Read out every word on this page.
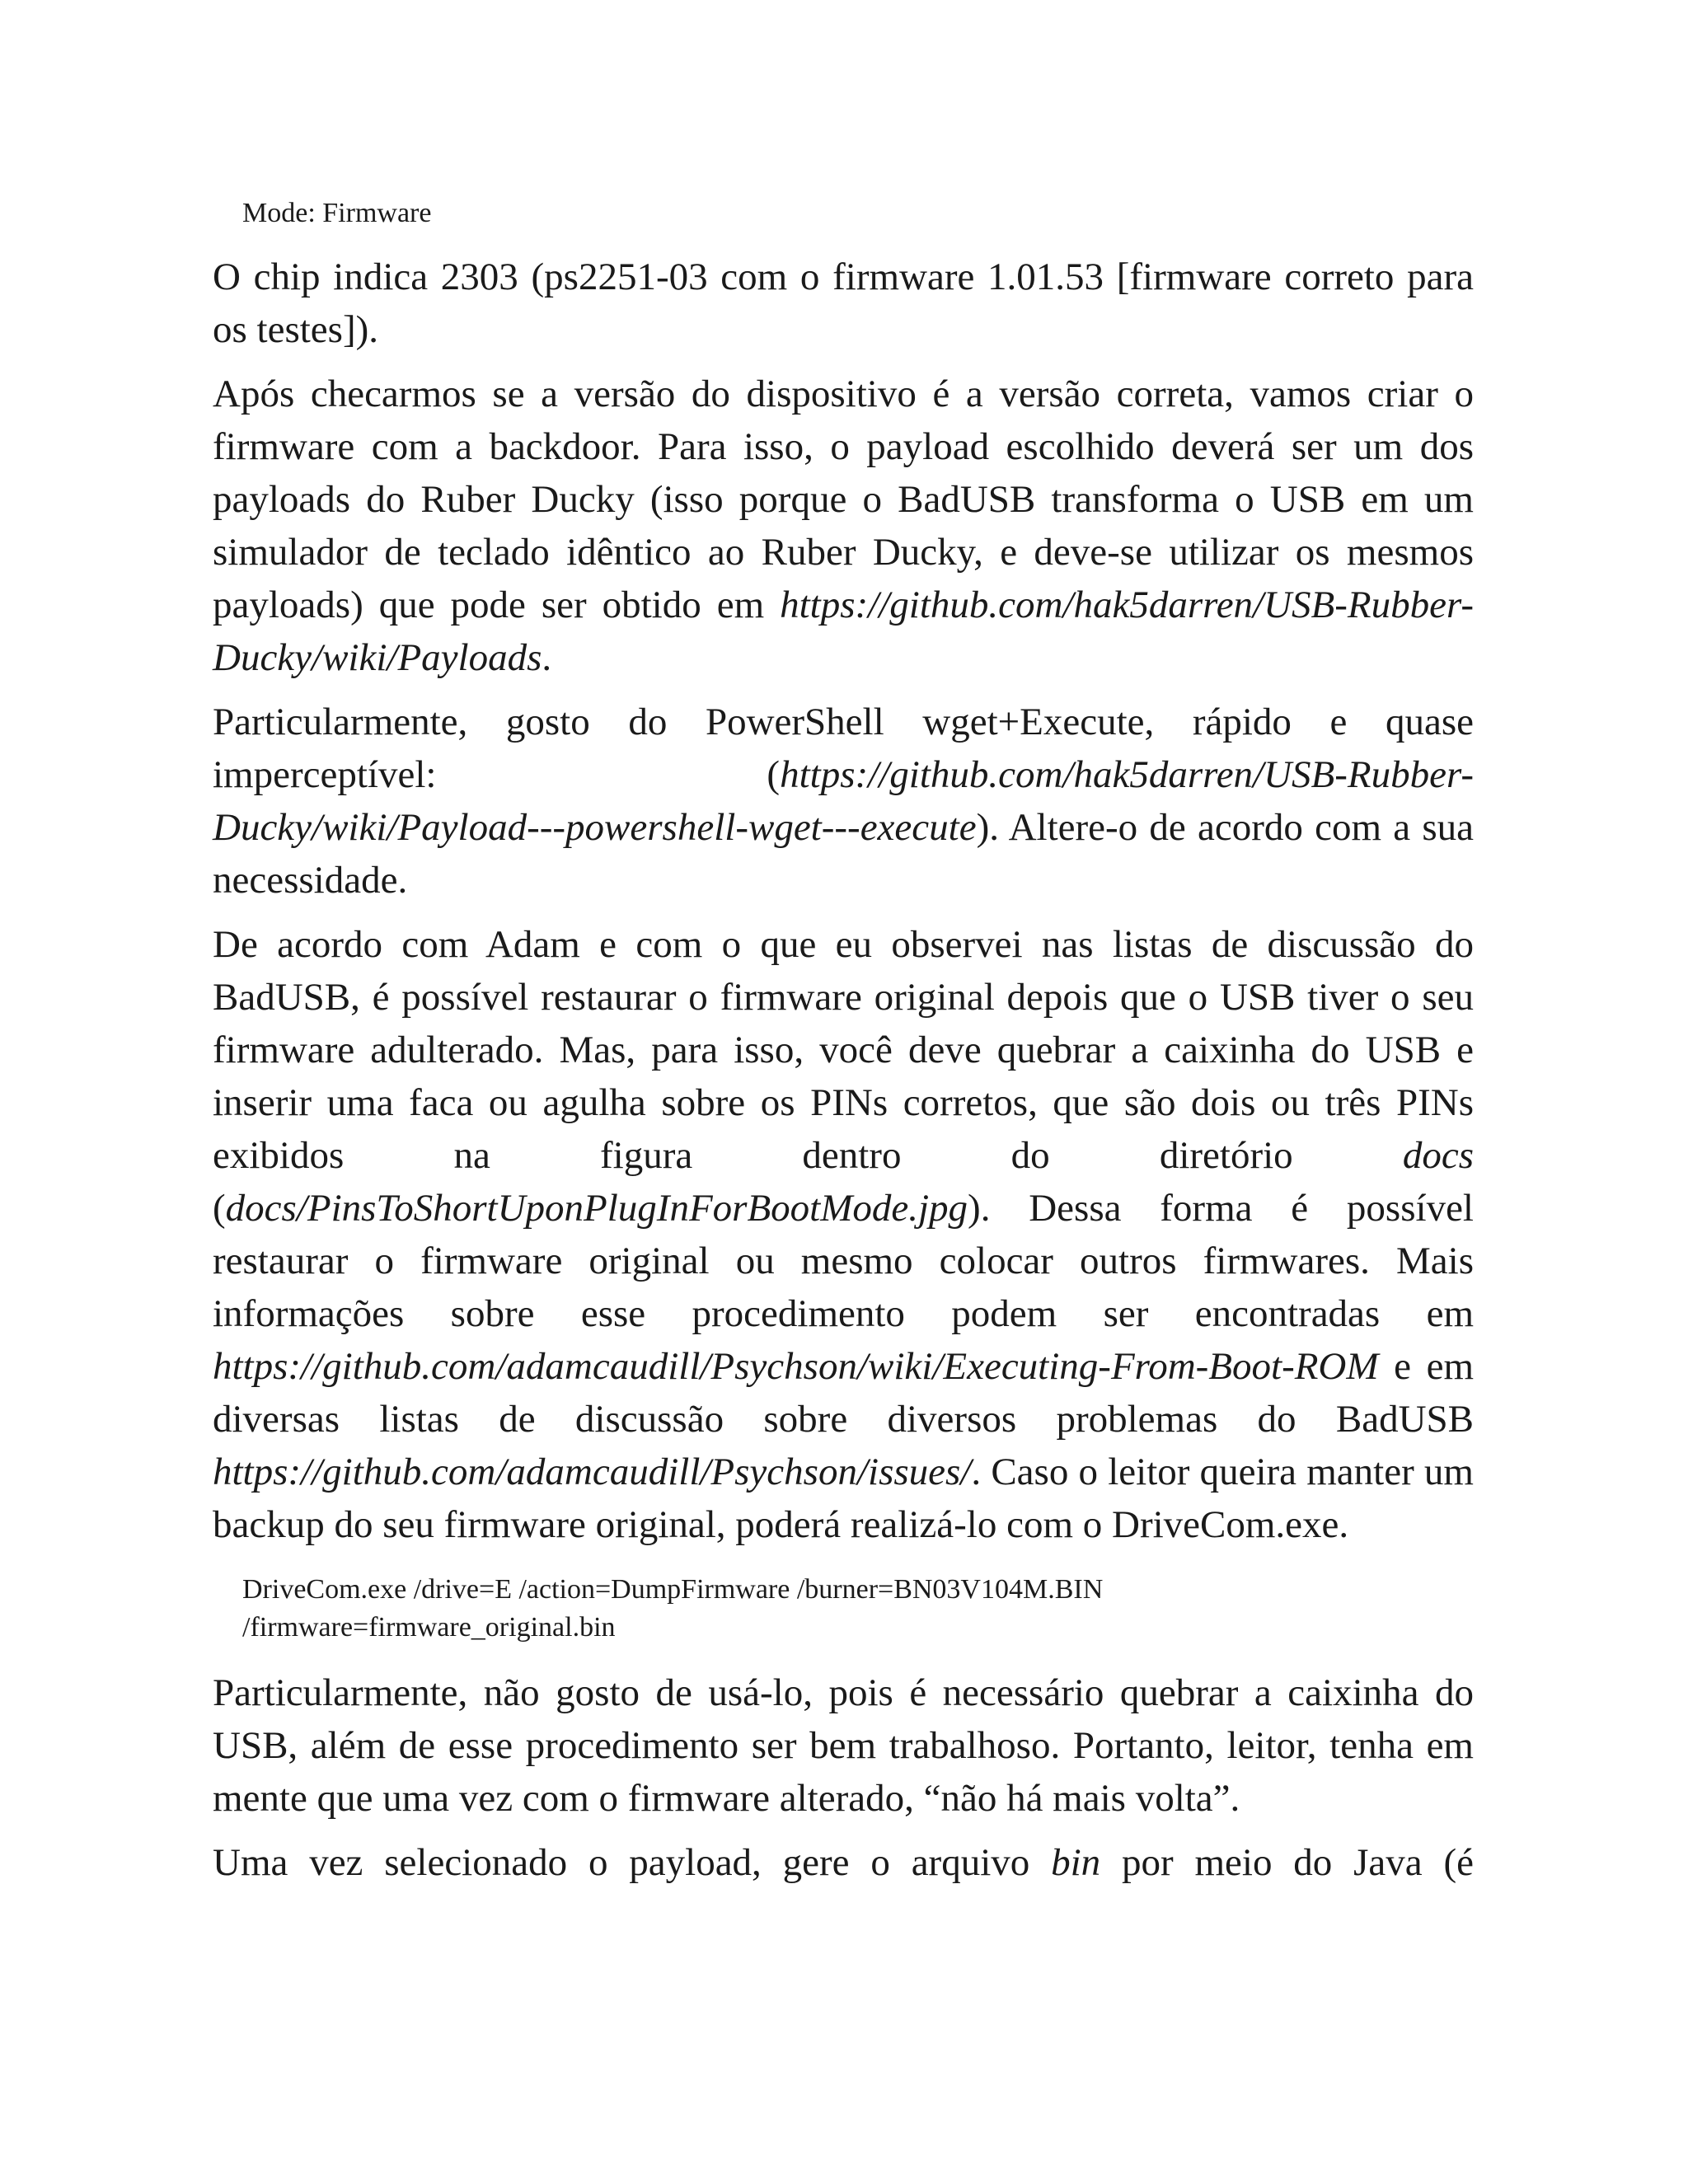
Mode: Firmware

O chip indica 2303 (ps2251-03 com o firmware 1.01.53 [firmware correto para os testes]).

Após checarmos se a versão do dispositivo é a versão correta, vamos criar o firmware com a backdoor. Para isso, o payload escolhido deverá ser um dos payloads do Ruber Ducky (isso porque o BadUSB transforma o USB em um simulador de teclado idêntico ao Ruber Ducky, e deve-se utilizar os mesmos payloads) que pode ser obtido em https://github.com/hak5darren/USB-Rubber-Ducky/wiki/Payloads.

Particularmente, gosto do PowerShell wget+Execute, rápido e quase imperceptível: (https://github.com/hak5darren/USB-Rubber-Ducky/wiki/Payload---powershell-wget---execute). Altere-o de acordo com a sua necessidade.

De acordo com Adam e com o que eu observei nas listas de discussão do BadUSB, é possível restaurar o firmware original depois que o USB tiver o seu firmware adulterado. Mas, para isso, você deve quebrar a caixinha do USB e inserir uma faca ou agulha sobre os PINs corretos, que são dois ou três PINs exibidos na figura dentro do diretório docs (docs/PinsToShortUponPlugInForBootMode.jpg). Dessa forma é possível restaurar o firmware original ou mesmo colocar outros firmwares. Mais informações sobre esse procedimento podem ser encontradas em https://github.com/adamcaudill/Psychson/wiki/Executing-From-Boot-ROM e em diversas listas de discussão sobre diversos problemas do BadUSB https://github.com/adamcaudill/Psychson/issues/. Caso o leitor queira manter um backup do seu firmware original, poderá realizá-lo com o DriveCom.exe.

DriveCom.exe /drive=E /action=DumpFirmware /burner=BN03V104M.BIN
/firmware=firmware_original.bin

Particularmente, não gosto de usá-lo, pois é necessário quebrar a caixinha do USB, além de esse procedimento ser bem trabalhoso. Portanto, leitor, tenha em mente que uma vez com o firmware alterado, “não há mais volta”.

Uma vez selecionado o payload, gere o arquivo bin por meio do Java (é
